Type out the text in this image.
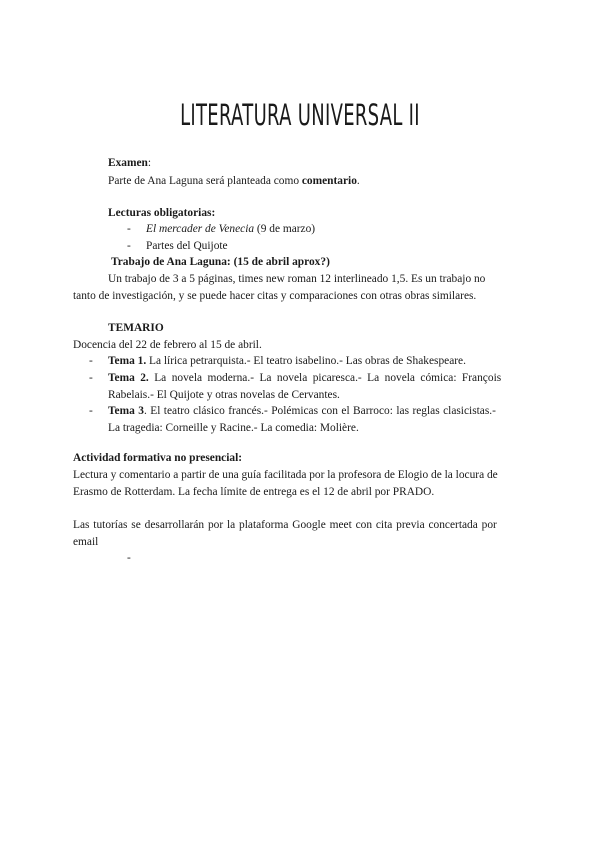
LITERATURA UNIVERSAL II
Examen:
Parte de Ana Laguna será planteada como comentario.
Lecturas obligatorias:
- El mercader de Venecia (9 de marzo)
- Partes del Quijote
Trabajo de Ana Laguna: (15 de abril aprox?)
Un trabajo de 3 a 5 páginas, times new roman 12 interlineado 1,5. Es un trabajo no
tanto de investigación, y se puede hacer citas y comparaciones con otras obras similares.
TEMARIO
Docencia del 22 de febrero al 15 de abril.
- Tema 1. La lírica petrarquista.- El teatro isabelino.- Las obras de Shakespeare.
- Tema 2. La novela moderna.- La novela picaresca.- La novela cómica: François
Rabelais.- El Quijote y otras novelas de Cervantes.
- Tema 3. El teatro clásico francés.- Polémicas con el Barroco: las reglas clasicistas.-
La tragedia: Corneille y Racine.- La comedia: Molière.
Actividad formativa no presencial:
Lectura y comentario a partir de una guía facilitada por la profesora de Elogio de la locura de
Erasmo de Rotterdam. La fecha límite de entrega es el 12 de abril por PRADO.
Las tutorías se desarrollarán por la plataforma Google meet con cita previa concertada por
email
-
